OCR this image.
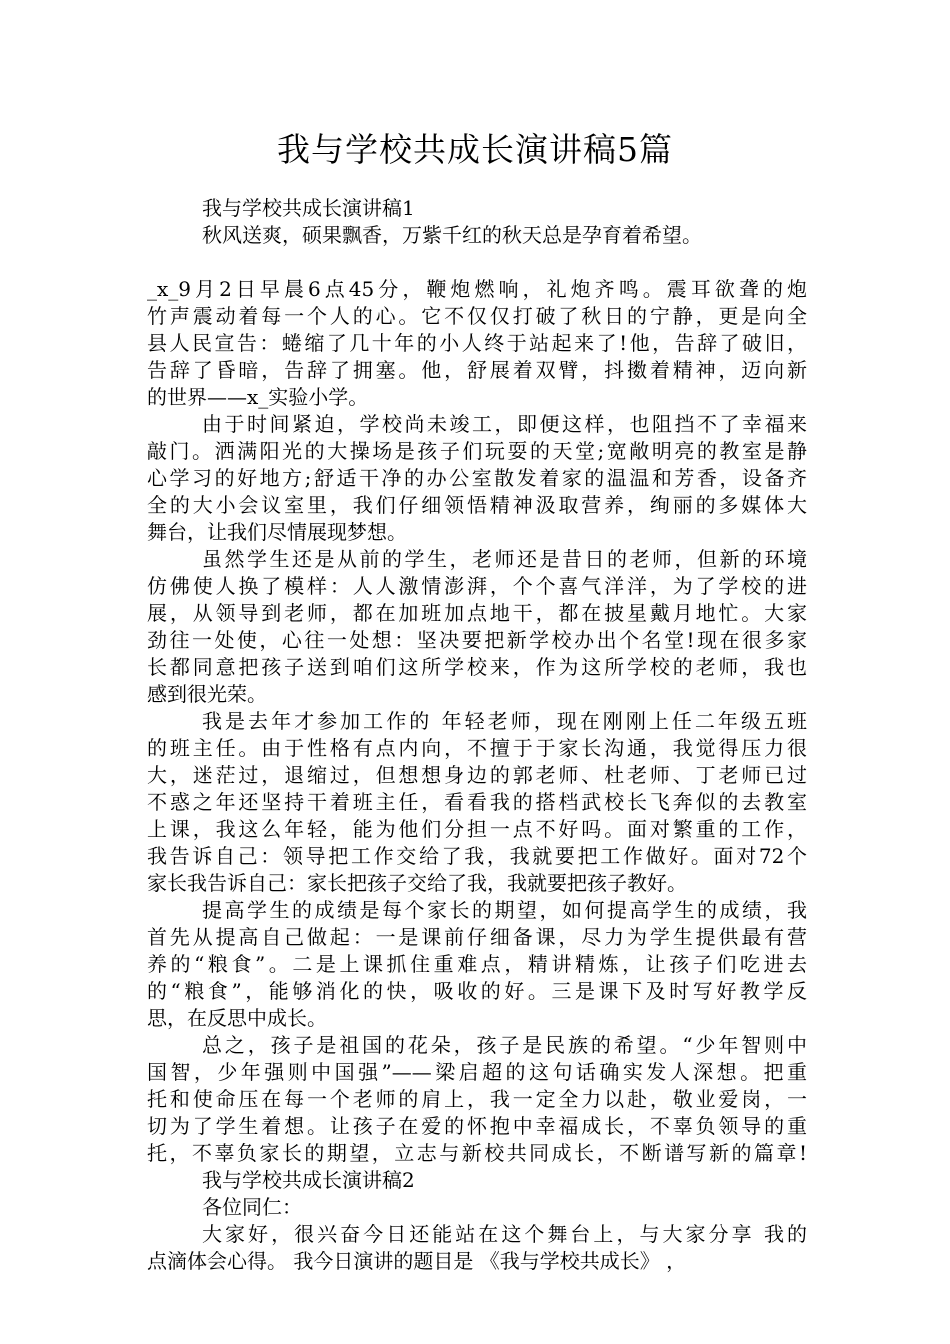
我与学校共成长演讲稿5篇
我与学校共成长演讲稿1
秋风送爽，硕果飘香，万紫千红的秋天总是孕育着希望。
_x_9月2日早晨6点45分，鞭炮燃响，礼炮齐鸣。震耳欲聋的炮
竹声震动着每一个人的心。它不仅仅打破了秋日的宁静，更是向全
县人民宣告：蜷缩了几十年的小人终于站起来了!他，告辞了破旧，
告辞了昏暗，告辞了拥塞。他，舒展着双臂，抖擞着精神，迈向新
的世界——x_实验小学。
由于时间紧迫，学校尚未竣工，即便这样，也阻挡不了幸福来
敲门。洒满阳光的大操场是孩子们玩耍的天堂;宽敞明亮的教室是静
心学习的好地方;舒适干净的办公室散发着家的温温和芳香，设备齐
全的大小会议室里，我们仔细领悟精神汲取营养，绚丽的多媒体大
舞台，让我们尽情展现梦想。
虽然学生还是从前的学生，老师还是昔日的老师，但新的环境
仿佛使人换了模样：人人激情澎湃，个个喜气洋洋，为了学校的进
展，从领导到老师，都在加班加点地干，都在披星戴月地忙。大家
劲往一处使，心往一处想：坚决要把新学校办出个名堂!现在很多家
长都同意把孩子送到咱们这所学校来，作为这所学校的老师，我也
感到很光荣。
我是去年才参加工作的 年轻老师，现在刚刚上任二年级五班
的班主任。由于性格有点内向，不擅于于家长沟通，我觉得压力很
大，迷茫过，退缩过，但想想身边的郭老师、杜老师、丁老师已过
不惑之年还坚持干着班主任，看看我的搭档武校长飞奔似的去教室
上课，我这么年轻，能为他们分担一点不好吗。面对繁重的工作，
我告诉自己：领导把工作交给了我，我就要把工作做好。面对72个
家长我告诉自己：家长把孩子交给了我，我就要把孩子教好。
提高学生的成绩是每个家长的期望，如何提高学生的成绩，我
首先从提高自己做起：一是课前仔细备课，尽力为学生提供最有营
养的“粮食”。二是上课抓住重难点，精讲精炼，让孩子们吃进去
的“粮食”，能够消化的快，吸收的好。三是课下及时写好教学反
思，在反思中成长。
总之，孩子是祖国的花朵，孩子是民族的希望。“少年智则中
国智，少年强则中国强”——梁启超的这句话确实发人深想。把重
托和使命压在每一个老师的肩上，我一定全力以赴，敬业爱岗，一
切为了学生着想。让孩子在爱的怀抱中幸福成长，不辜负领导的重
托，不辜负家长的期望，立志与新校共同成长，不断谱写新的篇章!
我与学校共成长演讲稿2
各位同仁：
大家好，很兴奋今日还能站在这个舞台上，与大家分享 我的
点滴体会心得。 我今日演讲的题目是 《我与学校共成长》 ，
